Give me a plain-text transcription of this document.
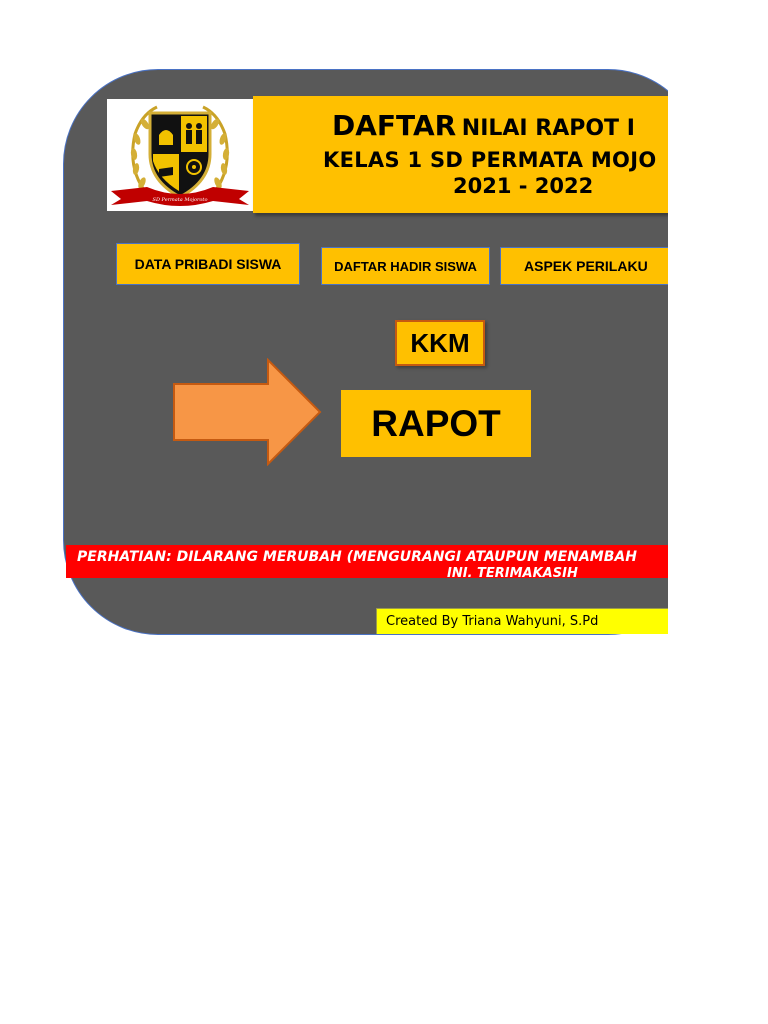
SD Permata Mojoroto
DAFTAR NILAI RAPOT I
KELAS 1 SD PERMATA MOJO
2021 - 2022
DATA PRIBADI SISWA	DAFTAR HADIR SISWA	ASPEK PERILAKU
KKM
RAPOT
PERHATIAN: DILARANG MERUBAH (MENGURANGI ATAUPUN MENAMBAH
INI. TERIMAKASIH
Created By Triana Wahyuni, S.Pd
